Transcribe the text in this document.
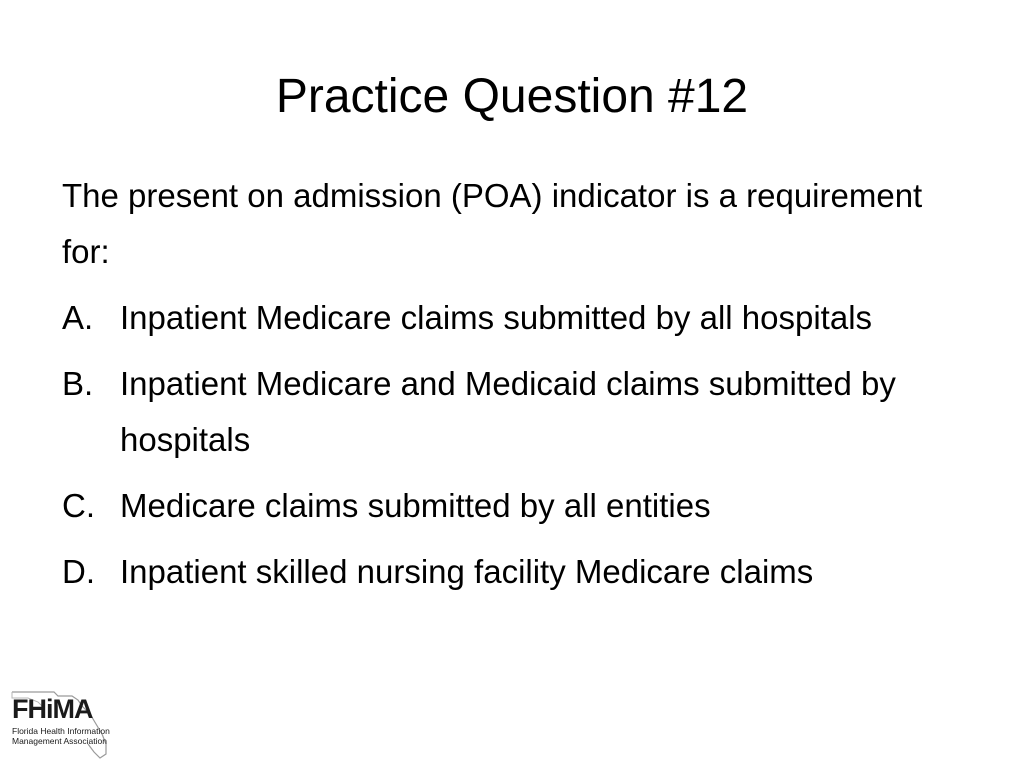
Practice Question #12

The present on admission (POA) indicator is a requirement for:

A. Inpatient Medicare claims submitted by all hospitals
B. Inpatient Medicare and Medicaid claims submitted by hospitals
C. Medicare claims submitted by all entities
D. Inpatient skilled nursing facility Medicare claims
FHiMA
Florida Health Information
Management Association
